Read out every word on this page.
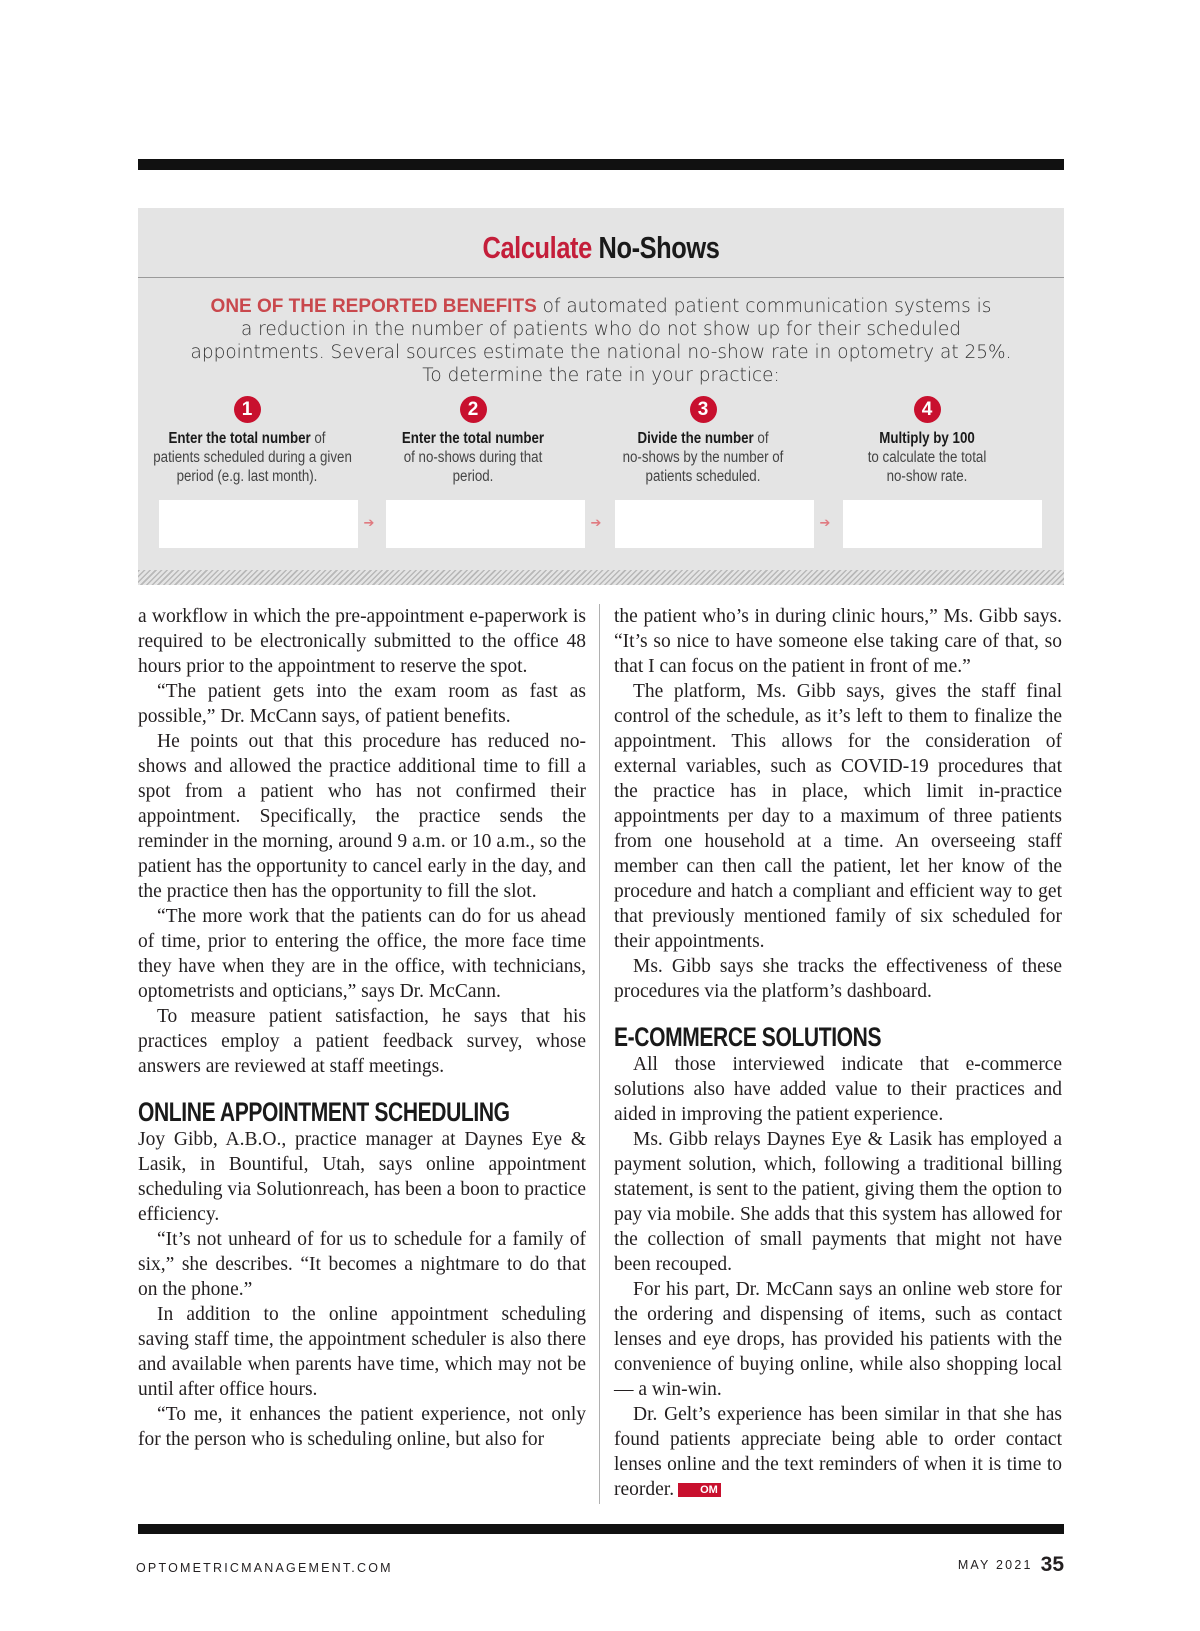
Calculate No-Shows
ONE OF THE REPORTED BENEFITS of automated patient communication systems is
a reduction in the number of patients who do not show up for their scheduled
appointments. Several sources estimate the national no-show rate in optometry at 25%.
To determine the rate in your practice:
1
Enter the total number of
patients scheduled during a given
period (e.g. last month).
2
Enter the total number
of no-shows during that
period.
3
Divide the number of
no-shows by the number of
patients scheduled.
4
Multiply by 100
to calculate the total
no-show rate.
➔	➔	➔

a workflow in which the pre-appointment e-paperwork is required to be electronically submitted to the office 48 hours prior to the appointment to reserve the spot.

“The patient gets into the exam room as fast as possible,” Dr. McCann says, of patient benefits.

He points out that this procedure has reduced no-shows and allowed the practice additional time to fill a spot from a patient who has not confirmed their appointment. Specifically, the practice sends the reminder in the morning, around 9 a.m. or 10 a.m., so the patient has the opportunity to cancel early in the day, and the practice then has the opportunity to fill the slot.

“The more work that the patients can do for us ahead of time, prior to entering the office, the more face time they have when they are in the office, with technicians, optometrists and opticians,” says Dr. McCann.

To measure patient satisfaction, he says that his practices employ a patient feedback survey, whose answers are reviewed at staff meetings.

ONLINE APPOINTMENT SCHEDULING

Joy Gibb, A.B.O., practice manager at Daynes Eye & Lasik, in Bountiful, Utah, says online appointment scheduling via Solutionreach, has been a boon to practice efficiency.

“It’s not unheard of for us to schedule for a family of six,” she describes. “It becomes a nightmare to do that on the phone.”

In addition to the online appointment scheduling saving staff time, the appointment scheduler is also there and available when parents have time, which may not be until after office hours.

“To me, it enhances the patient experience, not only for the person who is scheduling online, but also for

the patient who’s in during clinic hours,” Ms. Gibb says. “It’s so nice to have someone else taking care of that, so that I can focus on the patient in front of me.”

The platform, Ms. Gibb says, gives the staff final control of the schedule, as it’s left to them to finalize the appointment. This allows for the consideration of external variables, such as COVID-19 procedures that the practice has in place, which limit in-practice appointments per day to a maximum of three patients from one household at a time. An overseeing staff member can then call the patient, let her know of the procedure and hatch a compliant and efficient way to get that previously mentioned family of six scheduled for their appointments.

Ms. Gibb says she tracks the effectiveness of these procedures via the platform’s dashboard.

E-COMMERCE SOLUTIONS

All those interviewed indicate that e-commerce solutions also have added value to their practices and aided in improving the patient experience.

Ms. Gibb relays Daynes Eye & Lasik has employed a payment solution, which, following a traditional billing statement, is sent to the patient, giving them the option to pay via mobile. She adds that this system has allowed for the collection of small payments that might not have been recouped.

For his part, Dr. McCann says an online web store for the ordering and dispensing of items, such as contact lenses and eye drops, has provided his patients with the convenience of buying online, while also shopping local — a win-win.

Dr. Gelt’s experience has been similar in that she has found patients appreciate being able to order contact lenses online and the text reminders of when it is time to reorder. OM

OPTOMETRICMANAGEMENT.COM	MAY 2021 35
